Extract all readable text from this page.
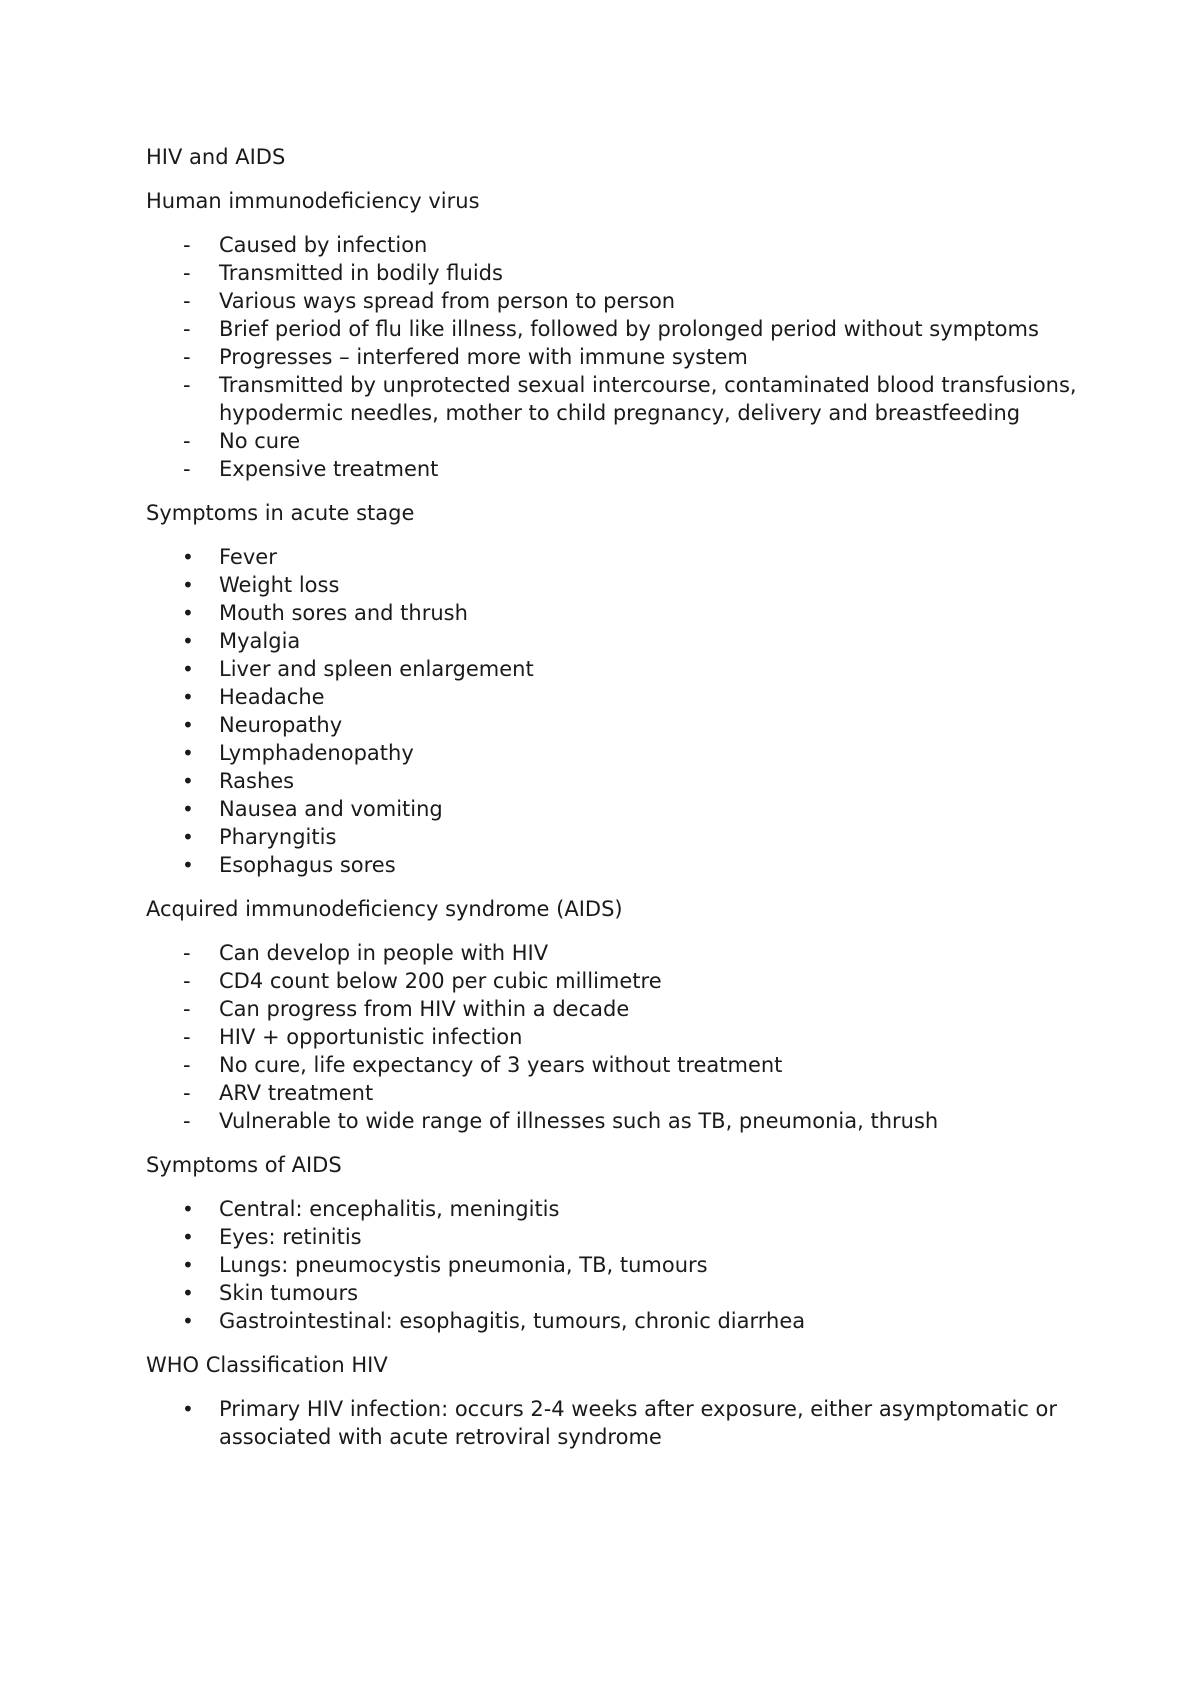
HIV and AIDS
Human immunodeficiency virus
-	Caused by infection
-	Transmitted in bodily fluids
-	Various ways spread from person to person
-	Brief period of flu like illness, followed by prolonged period without symptoms
-	Progresses – interfered more with immune system
-	Transmitted by unprotected sexual intercourse, contaminated blood transfusions, hypodermic needles, mother to child pregnancy, delivery and breastfeeding
-	No cure
-	Expensive treatment
Symptoms in acute stage
•	Fever
•	Weight loss
•	Mouth sores and thrush
•	Myalgia
•	Liver and spleen enlargement
•	Headache
•	Neuropathy
•	Lymphadenopathy
•	Rashes
•	Nausea and vomiting
•	Pharyngitis
•	Esophagus sores
Acquired immunodeficiency syndrome (AIDS)
-	Can develop in people with HIV
-	CD4 count below 200 per cubic millimetre
-	Can progress from HIV within a decade
-	HIV + opportunistic infection
-	No cure, life expectancy of 3 years without treatment
-	ARV treatment
-	Vulnerable to wide range of illnesses such as TB, pneumonia, thrush
Symptoms of AIDS
•	Central: encephalitis, meningitis
•	Eyes: retinitis
•	Lungs: pneumocystis pneumonia, TB, tumours
•	Skin tumours
•	Gastrointestinal: esophagitis, tumours, chronic diarrhea
WHO Classification HIV
•	Primary HIV infection: occurs 2-4 weeks after exposure, either asymptomatic or associated with acute retroviral syndrome
